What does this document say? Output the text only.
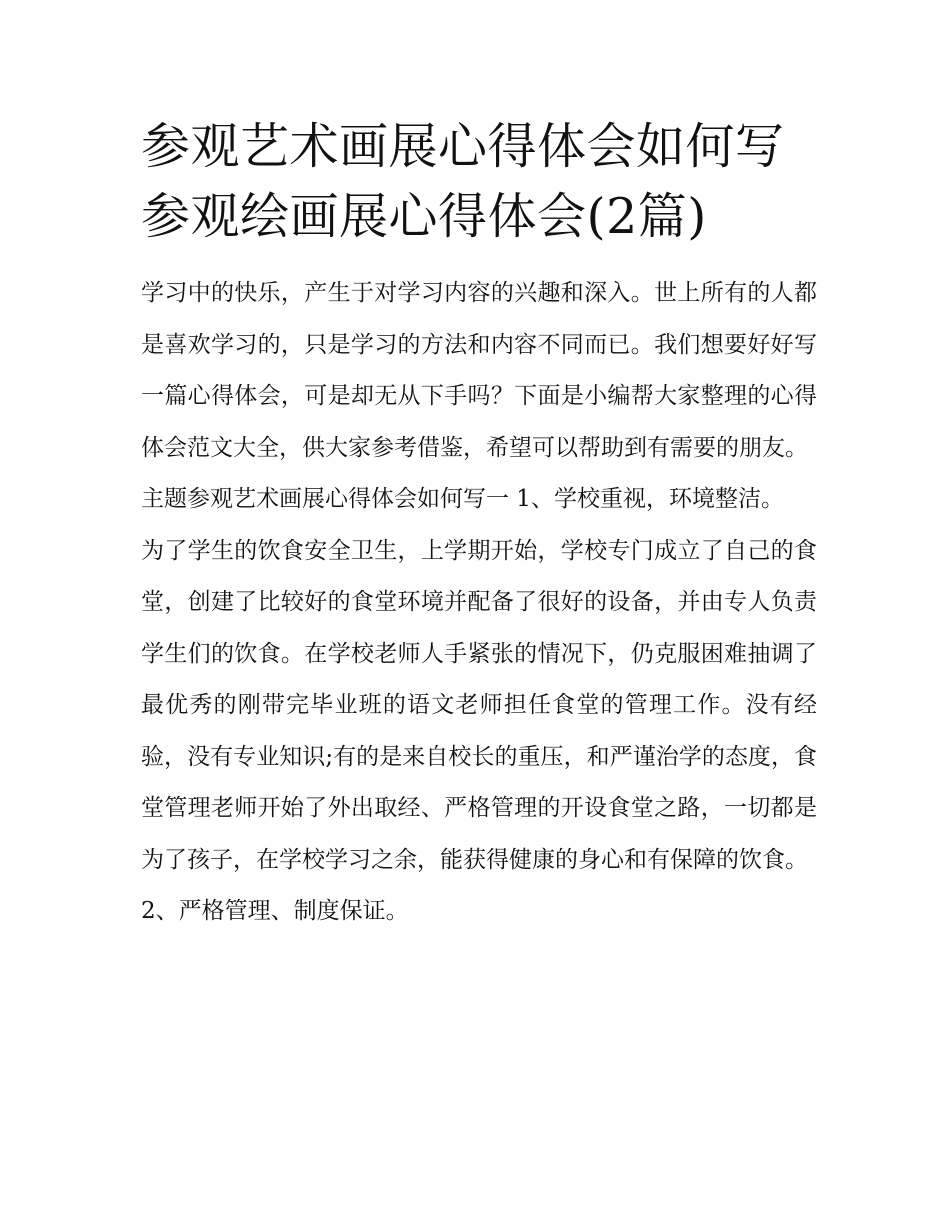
参观艺术画展心得体会如何写
参观绘画展心得体会(2篇)

学习中的快乐，产生于对学习内容的兴趣和深入。世上所有的人都是喜欢学习的，只是学习的方法和内容不同而已。我们想要好好写一篇心得体会，可是却无从下手吗？下面是小编帮大家整理的心得体会范文大全，供大家参考借鉴，希望可以帮助到有需要的朋友。

主题参观艺术画展心得体会如何写一 1、学校重视，环境整洁。

为了学生的饮食安全卫生，上学期开始，学校专门成立了自己的食堂，创建了比较好的食堂环境并配备了很好的设备，并由专人负责学生们的饮食。在学校老师人手紧张的情况下，仍克服困难抽调了最优秀的刚带完毕业班的语文老师担任食堂的管理工作。没有经验，没有专业知识;有的是来自校长的重压，和严谨治学的态度，食堂管理老师开始了外出取经、严格管理的开设食堂之路，一切都是为了孩子，在学校学习之余，能获得健康的身心和有保障的饮食。

2、严格管理、制度保证。
